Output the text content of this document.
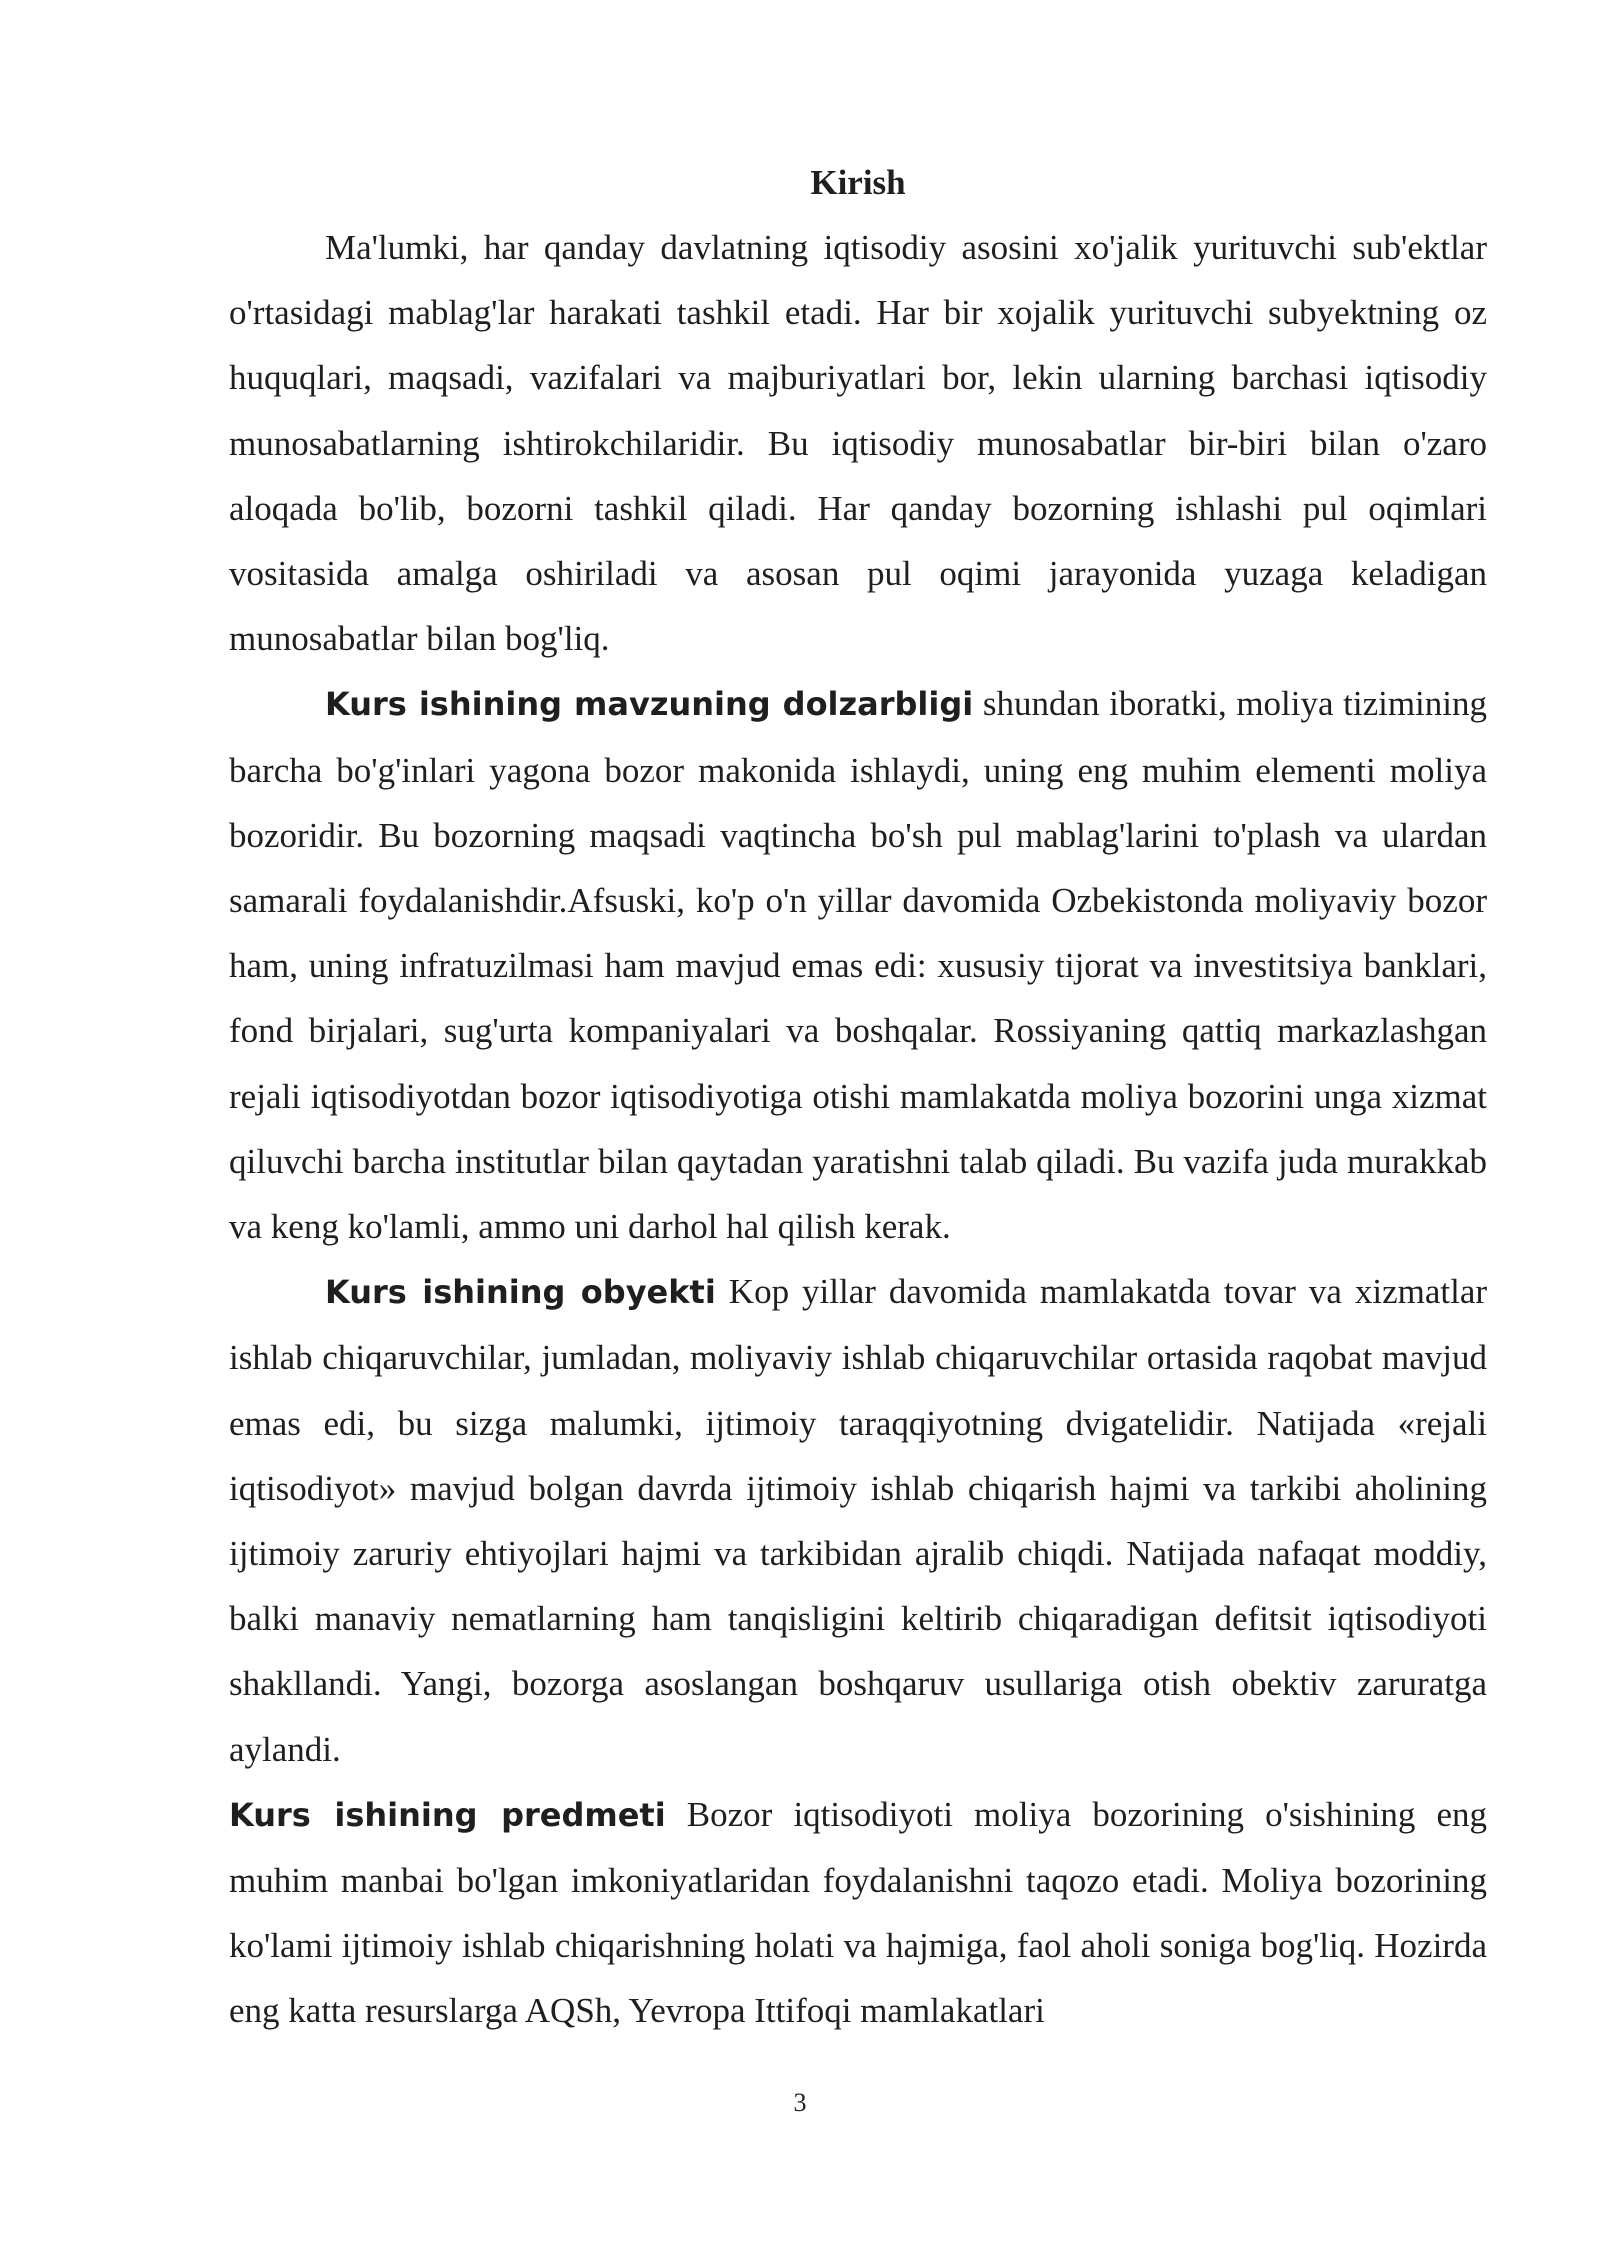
Kirish

Ma'lumki, har qanday davlatning iqtisodiy asosini xo'jalik yurituvchi sub'ektlar o'rtasidagi mablag'lar harakati tashkil etadi. Har bir xojalik yurituvchi subyektning oz huquqlari, maqsadi, vazifalari va majburiyatlari bor, lekin ularning barchasi iqtisodiy munosabatlarning ishtirokchilaridir. Bu iqtisodiy munosabatlar bir-biri bilan o'zaro aloqada bo'lib, bozorni tashkil qiladi. Har qanday bozorning ishlashi pul oqimlari vositasida amalga oshiriladi va asosan pul oqimi jarayonida yuzaga keladigan munosabatlar bilan bog'liq.

Kurs ishining mavzuning dolzarbligi shundan iboratki, moliya tizimining barcha bo'g'inlari yagona bozor makonida ishlaydi, uning eng muhim elementi moliya bozoridir. Bu bozorning maqsadi vaqtincha bo'sh pul mablag'larini to'plash va ulardan samarali foydalanishdir.Afsuski, ko'p o'n yillar davomida Ozbekistonda moliyaviy bozor ham, uning infratuzilmasi ham mavjud emas edi: xususiy tijorat va investitsiya banklari, fond birjalari, sug'urta kompaniyalari va boshqalar. Rossiyaning qattiq markazlashgan rejali iqtisodiyotdan bozor iqtisodiyotiga otishi mamlakatda moliya bozorini unga xizmat qiluvchi barcha institutlar bilan qaytadan yaratishni talab qiladi. Bu vazifa juda murakkab va keng ko'lamli, ammo uni darhol hal qilish kerak.

Kurs ishining obyekti Kop yillar davomida mamlakatda tovar va xizmatlar ishlab chiqaruvchilar, jumladan, moliyaviy ishlab chiqaruvchilar ortasida raqobat mavjud emas edi, bu sizga malumki, ijtimoiy taraqqiyotning dvigatelidir. Natijada «rejali iqtisodiyot» mavjud bolgan davrda ijtimoiy ishlab chiqarish hajmi va tarkibi aholining ijtimoiy zaruriy ehtiyojlari hajmi va tarkibidan ajralib chiqdi. Natijada nafaqat moddiy, balki manaviy nematlarning ham tanqisligini keltirib chiqaradigan defitsit iqtisodiyoti shakllandi. Yangi, bozorga asoslangan boshqaruv usullariga otish obektiv zaruratga aylandi.

Kurs ishining predmeti Bozor iqtisodiyoti moliya bozorining o'sishining eng muhim manbai bo'lgan imkoniyatlaridan foydalanishni taqozo etadi. Moliya bozorining ko'lami ijtimoiy ishlab chiqarishning holati va hajmiga, faol aholi soniga bog'liq. Hozirda eng katta resurslarga AQSh, Yevropa Ittifoqi mamlakatlari

3
